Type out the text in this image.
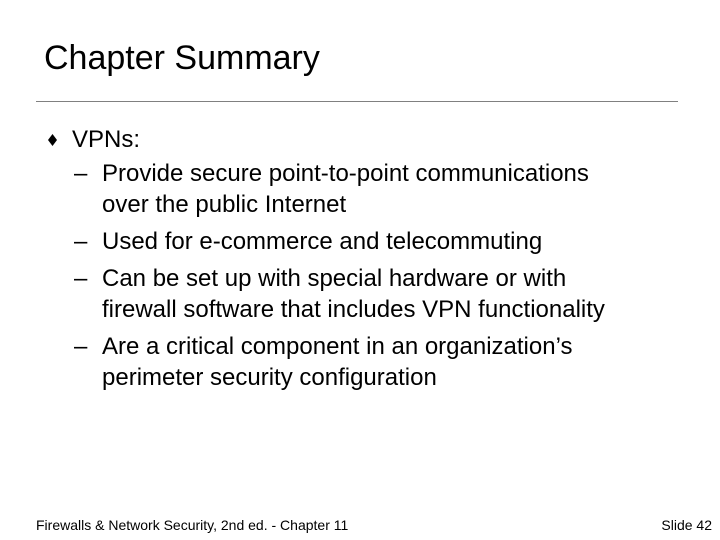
Chapter Summary
VPNs:
– Provide secure point-to-point communications
over the public Internet
– Used for e-commerce and telecommuting
– Can be set up with special hardware or with
firewall software that includes VPN functionality
– Are a critical component in an organization’s
perimeter security configuration
Firewalls & Network Security, 2nd ed. - Chapter 11	Slide 42
